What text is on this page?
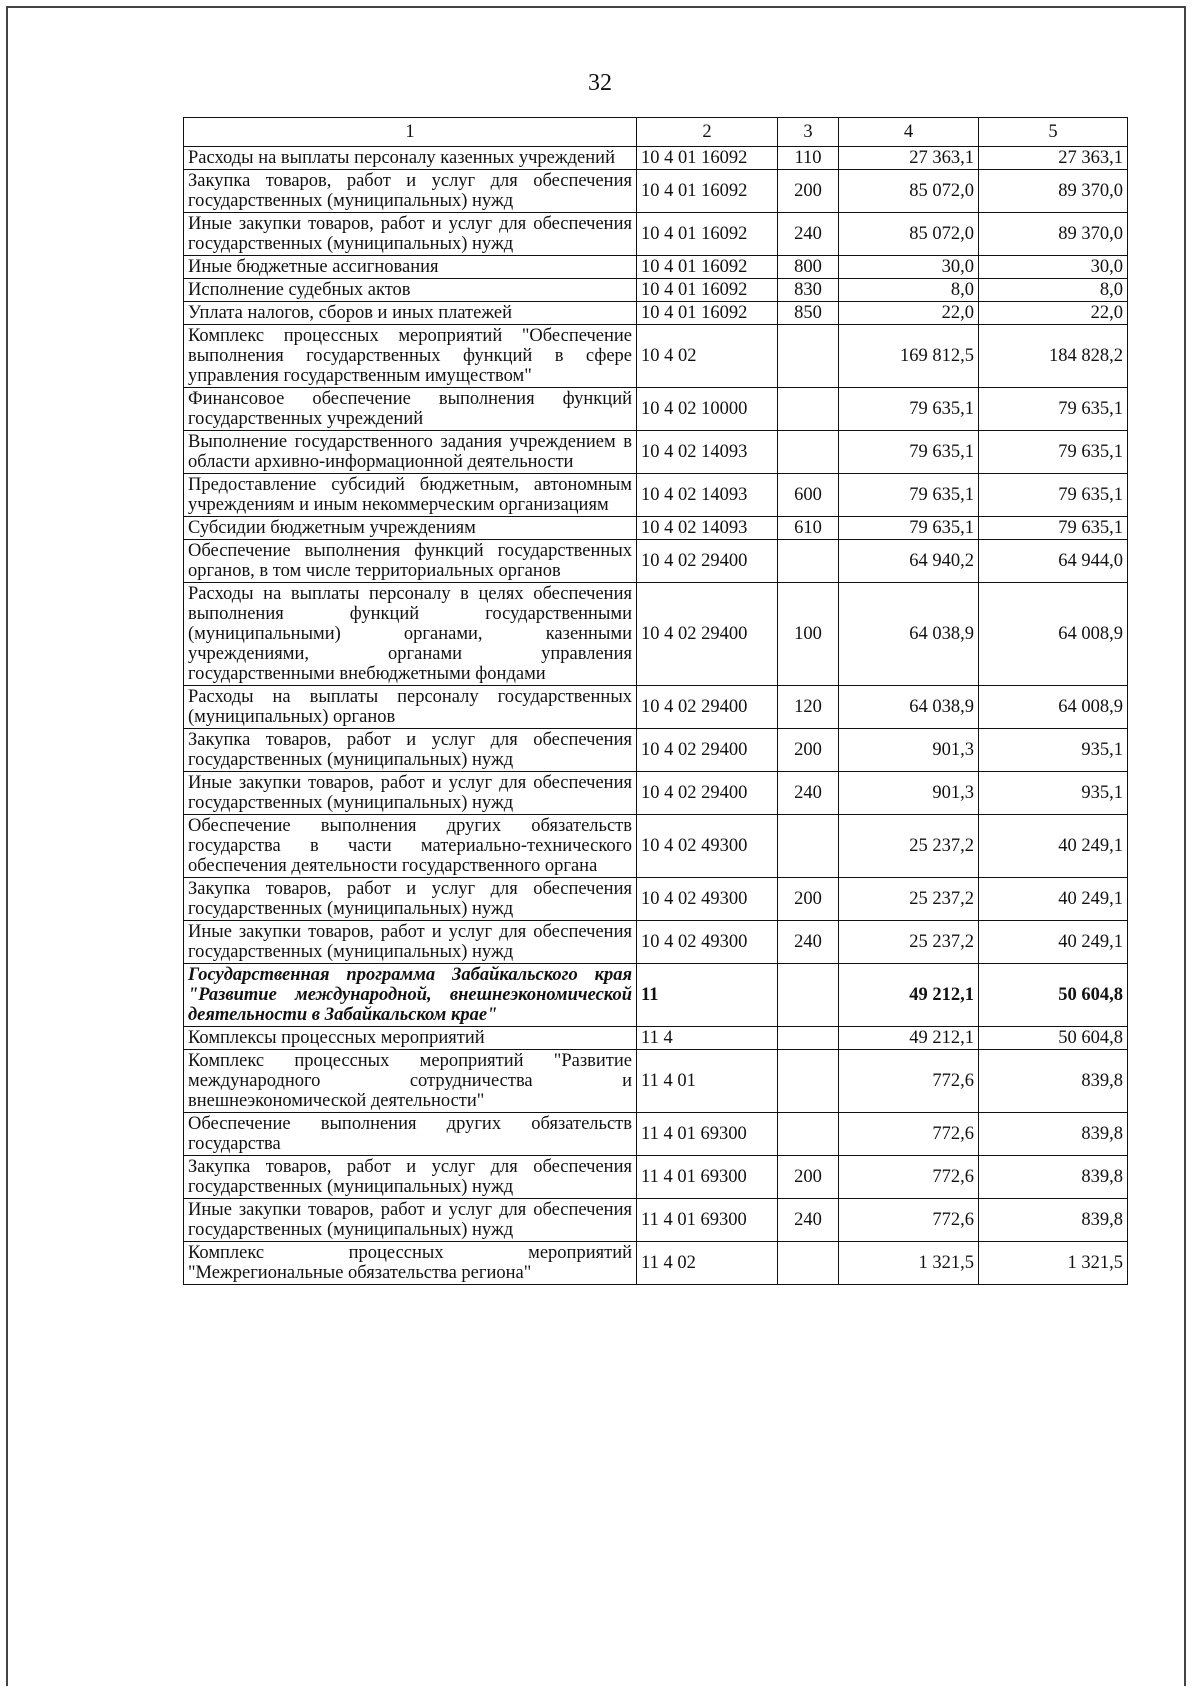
32
1	2	3	4	5
Расходы на выплаты персоналу казенных учреждений	10 4 01 16092	110	27 363,1	27 363,1
Закупка товаров, работ и услуг для обеспечения государственных (муниципальных) нужд	10 4 01 16092	200	85 072,0	89 370,0
Иные закупки товаров, работ и услуг для обеспечения государственных (муниципальных) нужд	10 4 01 16092	240	85 072,0	89 370,0
Иные бюджетные ассигнования	10 4 01 16092	800	30,0	30,0
Исполнение судебных актов	10 4 01 16092	830	8,0	8,0
Уплата налогов, сборов и иных платежей	10 4 01 16092	850	22,0	22,0
Комплекс процессных мероприятий "Обеспечение выполнения государственных функций в сфере управления государственным имуществом"	10 4 02		169 812,5	184 828,2
Финансовое обеспечение выполнения функций государственных учреждений	10 4 02 10000		79 635,1	79 635,1
Выполнение государственного задания учреждением в области архивно-информационной деятельности	10 4 02 14093		79 635,1	79 635,1
Предоставление субсидий бюджетным, автономным учреждениям и иным некоммерческим организациям	10 4 02 14093	600	79 635,1	79 635,1
Субсидии бюджетным учреждениям	10 4 02 14093	610	79 635,1	79 635,1
Обеспечение выполнения функций государственных органов, в том числе территориальных органов	10 4 02 29400		64 940,2	64 944,0
Расходы на выплаты персоналу в целях обеспечения выполнения функций государственными (муниципальными) органами, казенными учреждениями, органами управления государственными внебюджетными фондами	10 4 02 29400	100	64 038,9	64 008,9
Расходы на выплаты персоналу государственных (муниципальных) органов	10 4 02 29400	120	64 038,9	64 008,9
Закупка товаров, работ и услуг для обеспечения государственных (муниципальных) нужд	10 4 02 29400	200	901,3	935,1
Иные закупки товаров, работ и услуг для обеспечения государственных (муниципальных) нужд	10 4 02 29400	240	901,3	935,1
Обеспечение выполнения других обязательств государства в части материально-технического обеспечения деятельности государственного органа	10 4 02 49300		25 237,2	40 249,1
Закупка товаров, работ и услуг для обеспечения государственных (муниципальных) нужд	10 4 02 49300	200	25 237,2	40 249,1
Иные закупки товаров, работ и услуг для обеспечения государственных (муниципальных) нужд	10 4 02 49300	240	25 237,2	40 249,1
Государственная программа Забайкальского края "Развитие международной, внешнеэкономической деятельности в Забайкальском крае"	11		49 212,1	50 604,8
Комплексы процессных мероприятий	11 4		49 212,1	50 604,8
Комплекс процессных мероприятий "Развитие международного сотрудничества и внешнеэкономической деятельности"	11 4 01		772,6	839,8
Обеспечение выполнения других обязательств государства	11 4 01 69300		772,6	839,8
Закупка товаров, работ и услуг для обеспечения государственных (муниципальных) нужд	11 4 01 69300	200	772,6	839,8
Иные закупки товаров, работ и услуг для обеспечения государственных (муниципальных) нужд	11 4 01 69300	240	772,6	839,8
Комплекс процессных мероприятий "Межрегиональные обязательства региона"	11 4 02		1 321,5	1 321,5
